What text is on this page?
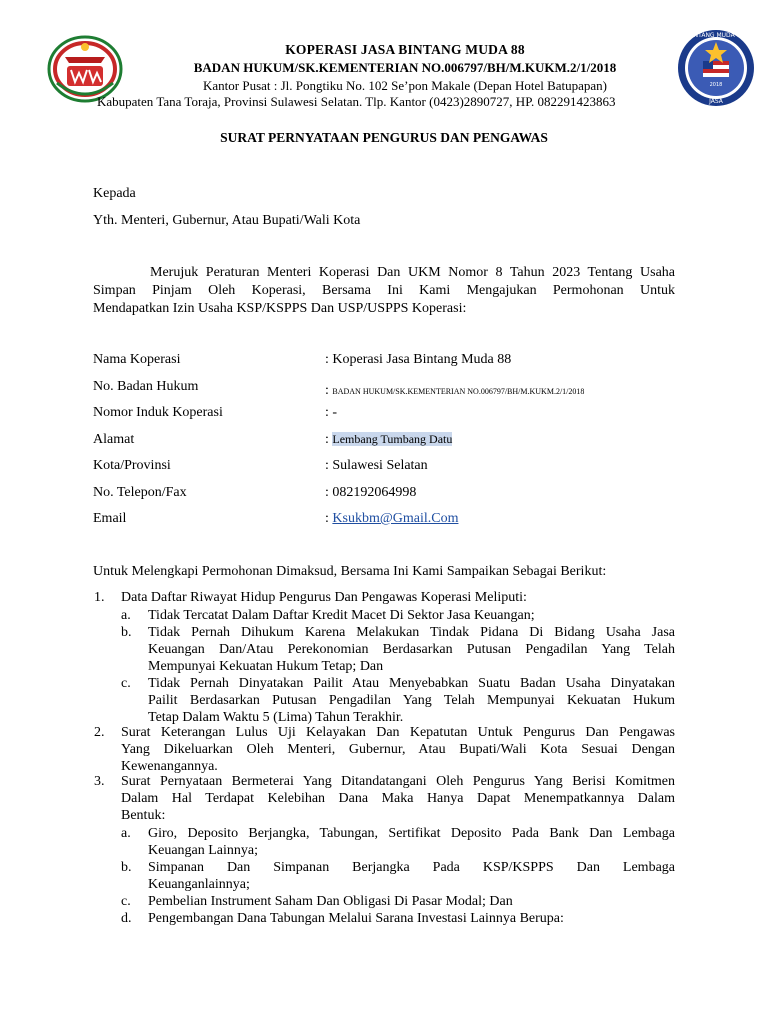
BINTANG MUDA 88
2018
JASA
KOPERASI JASA BINTANG MUDA 88
BADAN HUKUM/SK.KEMENTERIAN NO.006797/BH/M.KUKM.2/1/2018
Kantor Pusat : Jl. Pongtiku No. 102 Se’pon Makale (Depan Hotel Batupapan)
Kabupaten Tana Toraja, Provinsi Sulawesi Selatan. Tlp. Kantor (0423)2890727, HP. 082291423863
SURAT PERNYATAAN PENGURUS DAN PENGAWAS
Kepada
Yth. Menteri, Gubernur, Atau Bupati/Wali Kota
Merujuk Peraturan Menteri Koperasi Dan UKM Nomor 8 Tahun 2023 Tentang Usaha
Simpan Pinjam Oleh Koperasi, Bersama Ini Kami Mengajukan Permohonan Untuk
Mendapatkan Izin Usaha KSP/KSPPS Dan USP/USPPS Koperasi:
Nama Koperasi	: Koperasi Jasa Bintang Muda 88
No. Badan Hukum	: BADAN HUKUM/SK.KEMENTERIAN NO.006797/BH/M.KUKM.2/1/2018
Nomor Induk Koperasi	: -
Alamat	: Lembang Tumbang Datu
Kota/Provinsi	: Sulawesi Selatan
No. Telepon/Fax	: 082192064998
Email	: Ksukbm@Gmail.Com
Untuk Melengkapi Permohonan Dimaksud, Bersama Ini Kami Sampaikan Sebagai Berikut:
1. Data Daftar Riwayat Hidup Pengurus Dan Pengawas Koperasi Meliputi:
a. Tidak Tercatat Dalam Daftar Kredit Macet Di Sektor Jasa Keuangan;
b. Tidak Pernah Dihukum Karena Melakukan Tindak Pidana Di Bidang Usaha Jasa
Keuangan Dan/Atau Perekonomian Berdasarkan Putusan Pengadilan Yang Telah
Mempunyai Kekuatan Hukum Tetap; Dan
c. Tidak Pernah Dinyatakan Pailit Atau Menyebabkan Suatu Badan Usaha Dinyatakan
Pailit Berdasarkan Putusan Pengadilan Yang Telah Mempunyai Kekuatan Hukum
Tetap Dalam Waktu 5 (Lima) Tahun Terakhir.
2. Surat Keterangan Lulus Uji Kelayakan Dan Kepatutan Untuk Pengurus Dan Pengawas
Yang Dikeluarkan Oleh Menteri, Gubernur, Atau Bupati/Wali Kota Sesuai Dengan
Kewenangannya.
3. Surat Pernyataan Bermeterai Yang Ditandatangani Oleh Pengurus Yang Berisi Komitmen
Dalam Hal Terdapat Kelebihan Dana Maka Hanya Dapat Menempatkannya Dalam
Bentuk:
a. Giro, Deposito Berjangka, Tabungan, Sertifikat Deposito Pada Bank Dan Lembaga
Keuangan Lainnya;
b. Simpanan Dan Simpanan Berjangka Pada KSP/KSPPS Dan Lembaga
Keuanganlainnya;
c. Pembelian Instrument Saham Dan Obligasi Di Pasar Modal; Dan
d. Pengembangan Dana Tabungan Melalui Sarana Investasi Lainnya Berupa:
